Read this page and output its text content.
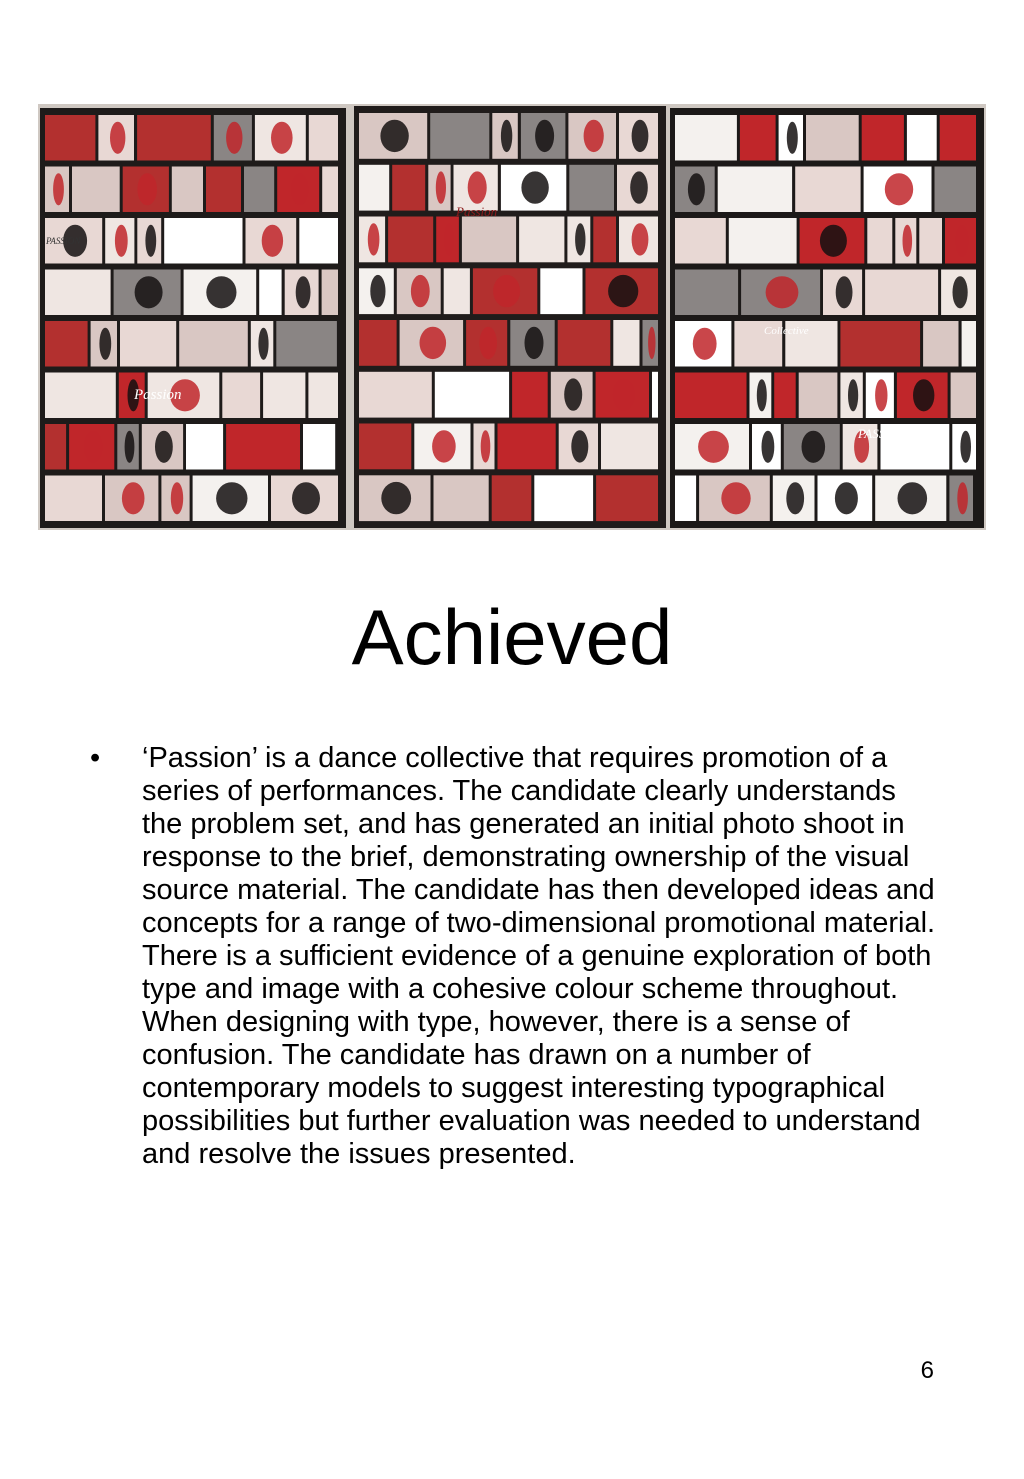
Passion
PASSION
Collective
PASSION
Passion
Achieved
• ‘Passion’ is a dance collective that requires promotion of a series of performances. The candidate clearly understands the problem set, and has generated an initial photo shoot in response to the brief, demonstrating ownership of the visual source material. The candidate has then developed ideas and concepts for a range of two-dimensional promotional material. There is a sufficient evidence of a genuine exploration of both type and image with a cohesive colour scheme throughout. When designing with type, however, there is a sense of confusion. The candidate has drawn on a number of contemporary models to suggest interesting typographical possibilities but further evaluation was needed to understand and resolve the issues presented.
6
